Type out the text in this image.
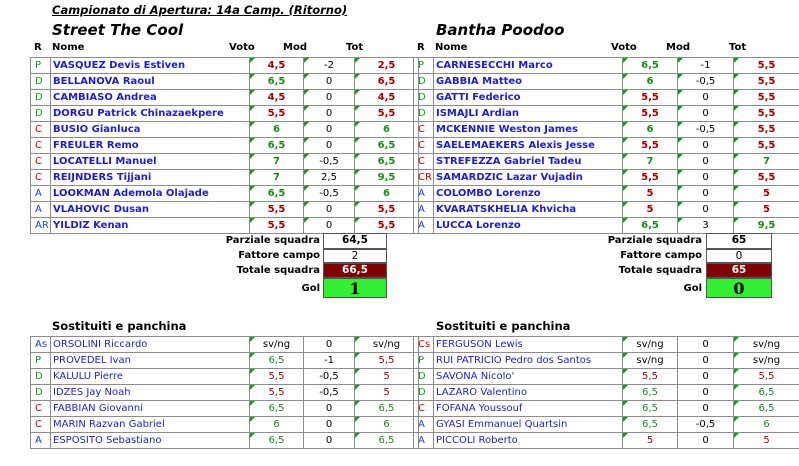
Campionato di Apertura: 14a Camp. (Ritorno)
Street The Cool	Bantha Poodoo
R Nome	Voto	Mod	Tot	R Nome	Voto	Mod	Tot
P	VASQUEZ Devis Estiven	4,5	-2	2,5
D	BELLANOVA Raoul	6,5	0	6,5
D	CAMBIASO Andrea	4,5	0	4,5
D	DORGU Patrick Chinazaekpere	5,5	0	5,5
C	BUSIO Gianluca	6	0	6
C	FREULER Remo	6,5	0	6,5
C	LOCATELLI Manuel	7	-0,5	6,5
C	REIJNDERS Tijjani	7	2,5	9,5
A	LOOKMAN Ademola Olajade	6,5	-0,5	6
A	VLAHOVIC Dusan	5,5	0	5,5
AR	YILDIZ Kenan	5,5	0	5,5
P	CARNESECCHI Marco	6,5	-1	5,5
D	GABBIA Matteo	6	-0,5	5,5
D	GATTI Federico	5,5	0	5,5
D	ISMAJLI Ardian	5,5	0	5,5
C	MCKENNIE Weston James	6	-0,5	5,5
C	SAELEMAEKERS Alexis Jesse	5,5	0	5,5
C	STREFEZZA Gabriel Tadeu	7	0	7
CR	SAMARDZIC Lazar Vujadin	5,5	0	5,5
A	COLOMBO Lorenzo	5	0	5
A	KVARATSKHELIA Khvicha	5	0	5
A	LUCCA Lorenzo	6,5	3	9,5
Parziale squadra	64,5
Fattore campo	2
Totale squadra	66,5
Gol	1
Parziale squadra	65
Fattore campo	0
Totale squadra	65
Gol	0
Sostituiti e panchina	Sostituiti e panchina
As	ORSOLINI Riccardo	sv/ng	0	sv/ng
P	PROVEDEL Ivan	6,5	-1	5,5
D	KALULU Pierre	5,5	-0,5	5
D	IDZES Jay Noah	5,5	-0,5	5
C	FABBIAN Giovanni	6,5	0	6,5
C	MARIN Razvan Gabriel	6	0	6
A	ESPOSITO Sebastiano	6,5	0	6,5
Cs	FERGUSON Lewis	sv/ng	0	sv/ng
P	RUI PATRICIO Pedro dos Santos	sv/ng	0	sv/ng
D	SAVONA Nicolo'	5,5	0	5,5
D	LAZARO Valentino	6,5	0	6,5
C	FOFANA Youssouf	6,5	0	6,5
A	GYASI Emmanuel Quartsin	6,5	-0,5	6
A	PICCOLI Roberto	5	0	5
